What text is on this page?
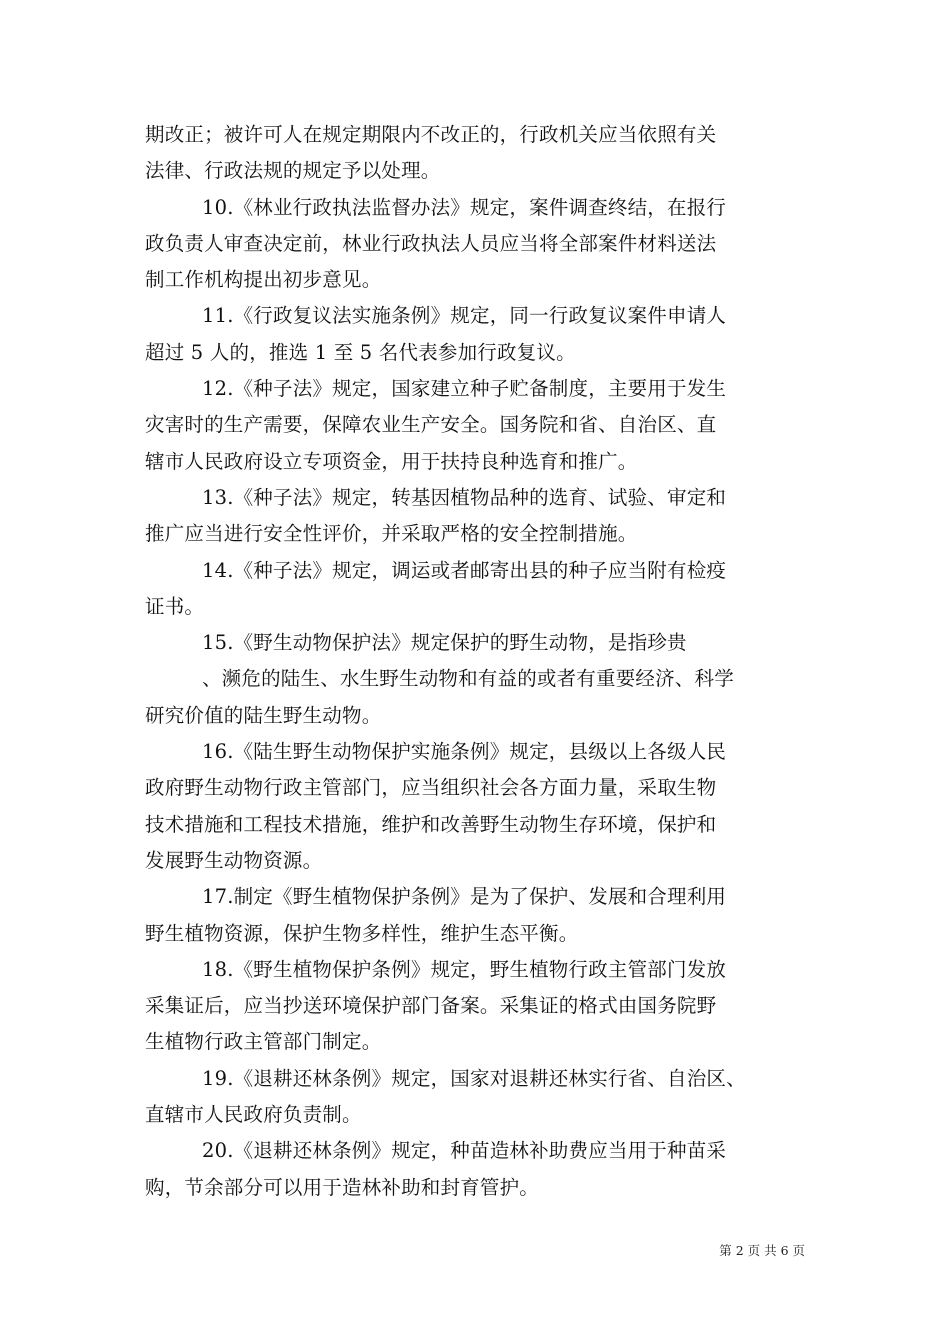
期改正；被许可人在规定期限内不改正的，行政机关应当依照有关
法律、行政法规的规定予以处理。
10.《林业行政执法监督办法》规定，案件调查终结，在报行
政负责人审查决定前，林业行政执法人员应当将全部案件材料送法
制工作机构提出初步意见。
11.《行政复议法实施条例》规定，同一行政复议案件申请人
超过 5 人的，推选 1 至 5 名代表参加行政复议。
12.《种子法》规定，国家建立种子贮备制度，主要用于发生
灾害时的生产需要，保障农业生产安全。国务院和省、自治区、直
辖市人民政府设立专项资金，用于扶持良种选育和推广。
13.《种子法》规定，转基因植物品种的选育、试验、审定和
推广应当进行安全性评价，并采取严格的安全控制措施。
14.《种子法》规定，调运或者邮寄出县的种子应当附有检疫
证书。
15.《野生动物保护法》规定保护的野生动物，是指珍贵
、濒危的陆生、水生野生动物和有益的或者有重要经济、科学
研究价值的陆生野生动物。
16.《陆生野生动物保护实施条例》规定，县级以上各级人民
政府野生动物行政主管部门，应当组织社会各方面力量，采取生物
技术措施和工程技术措施，维护和改善野生动物生存环境，保护和
发展野生动物资源。
17.制定《野生植物保护条例》是为了保护、发展和合理利用
野生植物资源，保护生物多样性，维护生态平衡。
18.《野生植物保护条例》规定，野生植物行政主管部门发放
采集证后，应当抄送环境保护部门备案。采集证的格式由国务院野
生植物行政主管部门制定。
19.《退耕还林条例》规定，国家对退耕还林实行省、自治区、
直辖市人民政府负责制。
20.《退耕还林条例》规定，种苗造林补助费应当用于种苗采
购，节余部分可以用于造林补助和封育管护。
第 2 页 共 6 页
